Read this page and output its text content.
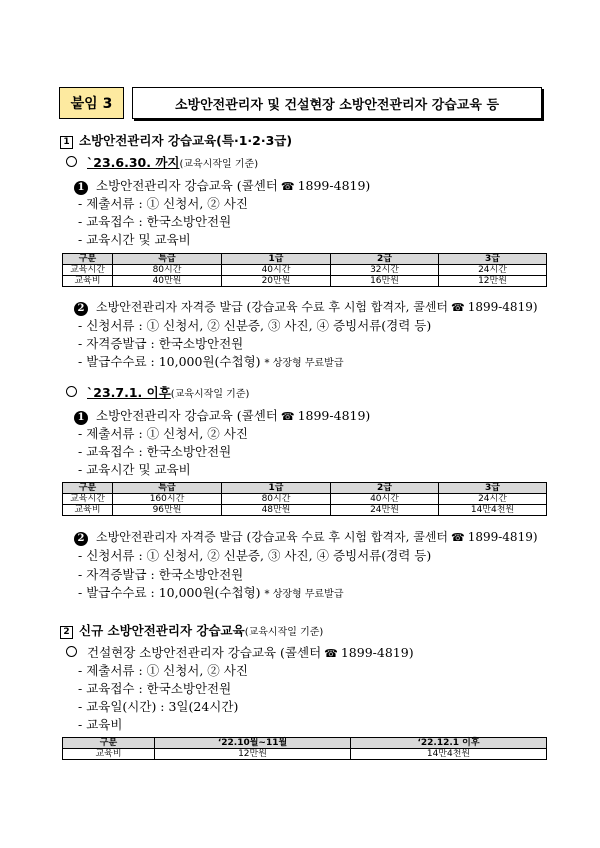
붙임 3	소방안전관리자 및 건설현장 소방안전관리자 강습교육 등
1 소방안전관리자 강습교육(특·1·2·3급)
`23.6.30. 까지(교육시작일 기준)
1 소방안전관리자 강습교육 (콜센터 ☎ 1899-4819)
- 제출서류 : ① 신청서, ② 사진
- 교육접수 : 한국소방안전원
- 교육시간 및 교육비
구분	특급	1급	2급	3급
교육시간	80시간	40시간	32시간	24시간
교육비	40만원	20만원	16만원	12만원
2 소방안전관리자 자격증 발급 (강습교육 수료 후 시험 합격자, 콜센터 ☎ 1899-4819)
- 신청서류 : ① 신청서, ② 신분증, ③ 사진, ④ 증빙서류(경력 등)
- 자격증발급 : 한국소방안전원
- 발급수수료 : 10,000원(수첩형) * 상장형 무료발급
`23.7.1. 이후(교육시작일 기준)
1 소방안전관리자 강습교육 (콜센터 ☎ 1899-4819)
- 제출서류 : ① 신청서, ② 사진
- 교육접수 : 한국소방안전원
- 교육시간 및 교육비
구분	특급	1급	2급	3급
교육시간	160시간	80시간	40시간	24시간
교육비	96만원	48만원	24만원	14만4천원
2 소방안전관리자 자격증 발급 (강습교육 수료 후 시험 합격자, 콜센터 ☎ 1899-4819)
- 신청서류 : ① 신청서, ② 신분증, ③ 사진, ④ 증빙서류(경력 등)
- 자격증발급 : 한국소방안전원
- 발급수수료 : 10,000원(수첩형) * 상장형 무료발급
2 신규 소방안전관리자 강습교육(교육시작일 기준)
건설현장 소방안전관리자 강습교육 (콜센터 ☎ 1899-4819)
- 제출서류 : ① 신청서, ② 사진
- 교육접수 : 한국소방안전원
- 교육일(시간) : 3일(24시간)
- 교육비
구분	‘22.10월~11월	‘22.12.1 이후
교육비	12만원	14만4천원
